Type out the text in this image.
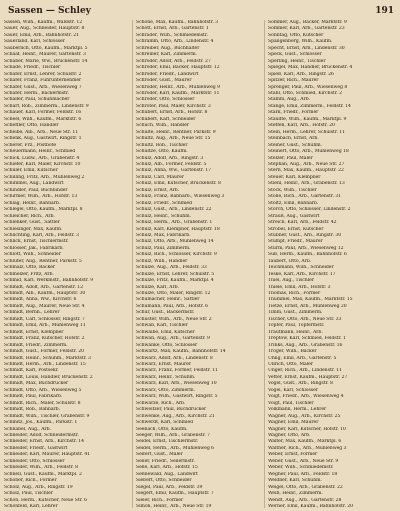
Sassen — Schley	191
Sassen, Wilh., Kaufm., Waldstr. 12
Sauer, Aug., Schneider, Hauptstr. 8
Sauer, Emil, Arb., Bahnhofstr. 21
Sauerland, Karl, Schlosser
Säuberlich, Otto, Kaufm., Marktpl. 5
Schaaf, Heinr., Maurer, Gartenstr. 3
Schaber, Marie, Ww., Brückenstr. 14
Schade, Friedr., Tischler
Schäfer, Ernst, Lehrer, Schulstr. 2
Schäfer, Franz, Fuhrunternehmer
Schäfer, Gust., Arb., Wiesenweg 7
Schäfer, Herm., Bäckermstr.
Schaller, Paul, Schuhmacher
Scharf, Rob., Zimmerm., Lindenstr. 9
Schauer, Karl, Former, Feldstr. 16
Scheel, Wilh., Kaufm., Marktstr. 6
Scheffler, Otto, Händler
Scheibe, Alb., Arb., Neue Str. 11
Schenk, Aug., Gastwirt, Ringstr. 1
Scherer, Frz., Postbote
Scheuermann, Heinr., Schmied
Schick, Ludw., Arb., Grabenstr. 4
Schiefer, Karl, Maler, Kirchstr. 10
Schiller, Emil, Kutscher
Schilling, Fritz, Arb., Mühlenweg 2
Schimmel, Aug., Landwirt
Schindler, Paul, Buchbinder
Schirmer, Wilh., Arb., Hofstr. 13
Schlag, Heinr., Bahnarb.
Schlegel, Otto, Kaufm., Marktpl. 8
Schleicher, Rich., Arb.
Schlenker, Gust., Sattler
Schlesinger, Max, Kaufm.
Schlichting, Karl, Arb., Feldstr. 3
Schlick, Ernst, Tischlermstr.
Schlosser, Jak., Fabrikarb.
Schlott, Wilh., Schneider
Schlüter, Aug., Rentner, Parkstr. 5
Schmalz, Otto, Bäcker
Schmelzer, Fritz, Arb.
Schmid, Karl, Werkmstr., Bahnhofstr. 9
Schmidt, Adolf, Arb., Gartenstr. 12
Schmidt, Alb., Kaufm., Hauptstr. 30
Schmidt, Anna, Ww., Kirchstr. 6
Schmidt, Aug., Maurer, Neue Str. 4
Schmidt, Bernh., Lehrer
Schmidt, Carl, Schlosser, Ringstr. 7
Schmidt, Emil, Arb., Mühlenweg 11
Schmidt, Ernst, Klempner
Schmidt, Franz, Kutscher, Hofstr. 2
Schmidt, Friedr., Zimmerm.
Schmidt, Gust., Former, Feldstr. 20
Schmidt, Heinr., Schuhm., Marktstr. 3
Schmidt, Herm., Arb., Lindenstr. 15
Schmidt, Karl, Postsekr.
Schmidt, Louis, Händler, Brückenstr. 2
Schmidt, Max, Buchdrucker
Schmidt, Otto, Arb., Wiesenweg 5
Schmidt, Paul, Fabrikarb.
Schmidt, Rich., Maler, Schulstr. 8
Schmidt, Rob., Bahnarb.
Schmidt, Wilh., Tischler, Grabenstr. 9
Schmitz, Jos., Kaufm., Parkstr. 1
Schnabel, Aug., Arb.
Schneider, Adolf, Schneidermstr.
Schneider, Ernst, Arb., Kirchstr. 14
Schneider, Friedr., Gastwirt
Schneider, Karl, Maurer, Hauptstr. 41
Schneider, Otto, Schlosser
Schneider, Wilh., Arb., Feldstr. 8
Schnell, Gust., Kaufm., Marktpl. 2
Schober, Rich., Former
Scholz, Aug., Arb., Ringstr. 19
Scholz, Paul, Tischler
Schön, Herm., Kutscher, Neue Str. 6
Schönfeld, Karl, Lehrer
Schöne, Max, Kaufm., Bahnhofstr. 3
Schott, Ernst, Arb., Gartenstr. 1
Schrader, Wilh., Schmiedemstr.
Schramm, Otto, Arb., Lindenstr. 4
Schreiber, Aug., Buchhalter
Schreiner, Karl, Zimmerm.
Schröder, Adolf, Arb., Feldstr. 27
Schröder, Emil, Bäcker, Hauptstr. 12
Schröder, Friedr., Landwirt
Schröder, Gust., Maurer
Schröder, Heinr., Arb., Mühlenweg 9
Schröder, Karl, Kaufm., Marktstr. 11
Schröder, Otto, Schlosser
Schröter, Paul, Maler, Kirchstr. 3
Schubert, Ernst, Arb., Hofstr. 8
Schubert, Karl, Schneider
Schuch, Wilh., Händler
Schulte, Heinr., Rentner, Parkstr. 9
Schultz, Aug., Arb., Neue Str. 15
Schultz, Rob., Tischler
Schultze, Otto, Kaufm.
Schulz, Adolf, Arb., Ringstr. 3
Schulz, Alb., Former, Feldstr. 5
Schulz, Anna, Ww., Gartenstr. 17
Schulz, Carl, Maurer
Schulz, Emil, Kutscher, Brückenstr. 8
Schulz, Ernst, Arb.
Schulz, Franz, Bahnarb., Wiesenweg 3
Schulz, Friedr., Schmied
Schulz, Gust., Arb., Lindenstr. 22
Schulz, Heinr., Schuhm.
Schulz, Herm., Arb., Grabenstr. 1
Schulz, Karl, Klempner, Hauptstr. 18
Schulz, Max, Fabrikarb.
Schulz, Otto, Arb., Mühlenweg 14
Schulz, Paul, Zimmerm.
Schulz, Rich., Schlosser, Kirchstr. 9
Schulz, Wilh., Händler
Schulze, Aug., Arb., Feldstr. 33
Schulze, Ernst, Lehrer, Schulstr. 5
Schulze, Fritz, Kaufm., Marktpl. 4
Schulze, Karl, Arb.
Schulze, Otto, Maler, Ringstr. 12
Schumacher, Heinr., Sattler
Schumann, Paul, Arb., Hofstr. 6
Schur, Gust., Bäckermstr.
Schuster, Wilh., Arb., Neue Str. 2
Schwab, Karl, Tischler
Schwalbe, Emil, Kutscher
Schwan, Aug., Arb., Gartenstr. 9
Schwanke, Otto, Schlosser
Schwartz, Max, Kaufm., Bahnhofstr. 14
Schwarz, Adolf, Arb., Lindenstr. 8
Schwarz, Ernst, Maurer
Schwarz, Franz, Former, Feldstr. 11
Schwarz, Heinr., Schuhm.
Schwarz, Karl, Arb., Wiesenweg 10
Schwarz, Otto, Zimmerm.
Schwarz, Wilh., Gastwirt, Ringstr. 5
Schwarze, Rich., Arb.
Schweitzer, Paul, Buchdrucker
Schwenke, Aug., Arb., Kirchstr. 21
Schwerdt, Karl, Schmied
Seebach, Otto, Kaufm.
Seeger, Wilh., Arb., Grabenstr. 7
Seidel, Ernst, Tischlermstr.
Seidel, Herm., Arb., Mühlenweg 6
Seifert, Gust., Maler
Seiler, Friedr., Seilermstr.
Selle, Karl, Arb., Hofstr. 15
Sennewald, Aug., Landwirt
Siebert, Otto, Schneider
Siegel, Paul, Arb., Feldstr. 39
Siegert, Emil, Kaufm., Hauptstr. 7
Sieler, Rich., Former
Simon, Heinr., Arb., Neue Str. 19
Sommer, Aug., Bäcker, Marktstr. 9
Sommer, Karl, Arb., Gartenstr. 23
Sonntag, Otto, Kutscher
Spangenberg, Wilh., Kaufm.
Specht, Ernst, Arb., Lindenstr. 30
Speck, Gust., Schlosser
Sperling, Heinr., Tischler
Spiegel, Max, Händler, Brückenstr. 4
Spieß, Karl, Arb., Ringstr. 26
Spitzer, Rich., Maurer
Sprenger, Paul, Arb., Wiesenweg 8
Stahl, Otto, Schmied, Kirchstr. 2
Stamm, Aug., Arb.
Stange, Emil, Zimmerm., Feldstr. 14
Stark, Friedr., Former
Staudte, Wilh., Kaufm., Marktpl. 9
Steffen, Karl, Arb., Hofstr. 20
Stein, Herm., Lehrer, Schulstr. 11
Steinbach, Ernst, Arb.
Steiner, Gust., Schuhm.
Steinert, Otto, Arb., Mühlenweg 18
Stelzer, Paul, Maler
Stephan, Aug., Arb., Neue Str. 27
Stern, Max, Kaufm., Hauptstr. 22
Steuer, Karl, Klempner
Stiehl, Heinr., Arb., Grabenstr. 13
Stock, Wilh., Tischler
Stolle, Rich., Arb., Gartenstr. 31
Stoltz, Emil, Bahnarb.
Storch, Otto, Schlosser, Lindenstr. 2
Strauß, Aug., Gastwirt
Streich, Karl, Arb., Feldstr. 42
Strobel, Ernst, Kutscher
Stübner, Gust., Arb., Ringstr. 30
Stumpf, Friedr., Maurer
Sturm, Paul, Arb., Wiesenweg 12
Süß, Herm., Kaufm., Bahnhofstr. 6
Taubert, Otto, Arb.
Teichmann, Wilh., Schneider
Teske, Karl, Arb., Kirchstr. 17
Thiel, Aug., Tischler
Thiele, Emil, Arb., Hofstr. 3
Thomas, Rich., Former
Thümmel, Max, Kaufm., Marktstr. 15
Tietze, Ernst, Arb., Mühlenweg 20
Timm, Gust., Zimmerm.
Tischer, Otto, Arb., Neue Str. 33
Töpfer, Paul, Töpfermstr.
Trautmann, Heinr., Arb.
Treptow, Karl, Schmied, Feldstr. 1
Trinks, Aug., Arb., Grabenstr. 16
Tröger, Wilh., Bäcker
Uhlig, Emil, Arb., Gartenstr. 5
Ullrich, Otto, Maler
Unger, Rich., Arb., Lindenstr. 11
Vetter, Ernst, Kaufm., Hauptstr. 27
Vogel, Gust., Arb., Ringstr. 8
Vogel, Karl, Schlosser
Voigt, Friedr., Arb., Wiesenweg 4
Voigt, Paul, Tischler
Volkmann, Herm., Lehrer
Wagner, Aug., Arb., Kirchstr. 25
Wagner, Emil, Maurer
Wagner, Karl, Kutscher, Hofstr. 10
Wagner, Otto, Arb.
Walter, Max, Kaufm., Marktpl. 6
Walther, Rich., Arb., Mühlenweg 3
Weber, Ernst, Former
Weber, Gust., Arb., Neue Str. 9
Weber, Wilh., Schmiedemstr.
Wegner, Paul, Arb., Feldstr. 18
Weidner, Karl, Schuhm.
Weigel, Otto, Arb., Grabenstr. 22
Weiß, Heinr., Zimmerm.
Wendt, Aug., Arb., Gartenstr. 28
Werner, Emil, Kaufm., Bahnhofstr. 20
